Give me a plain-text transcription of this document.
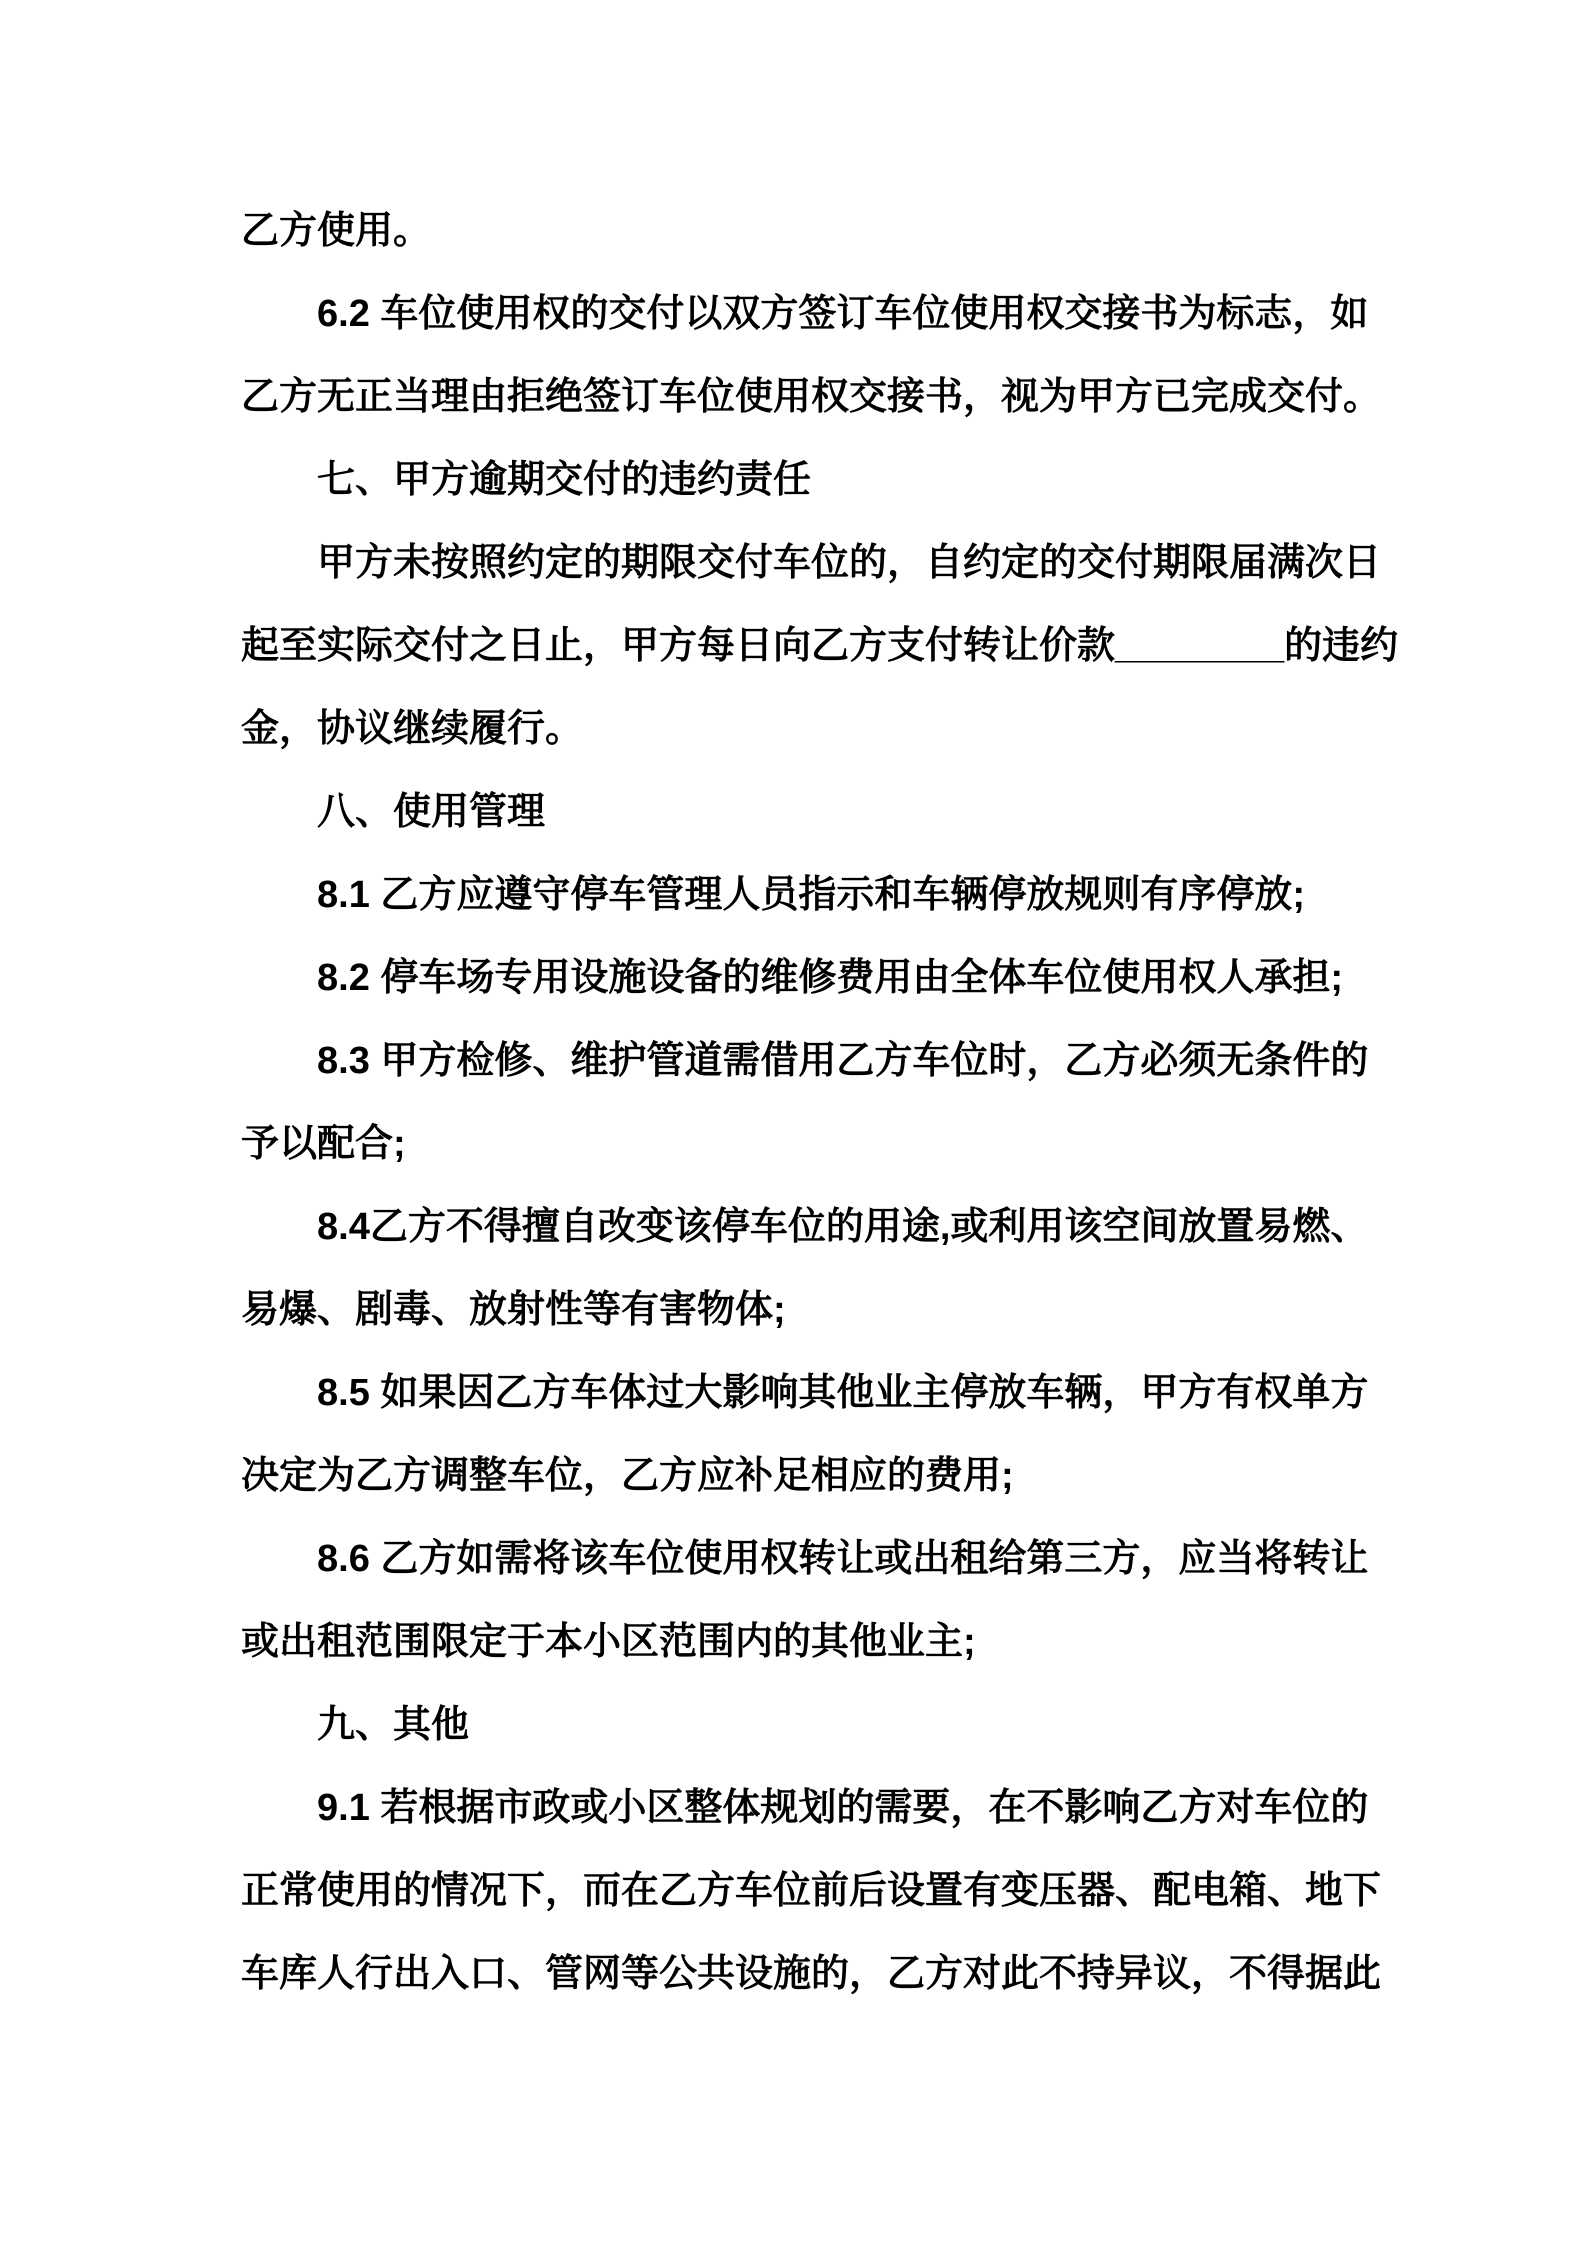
乙方使用。
6.2 车位使用权的交付以双方签订车位使用权交接书为标志，如
乙方无正当理由拒绝签订车位使用权交接书，视为甲方已完成交付。
七、甲方逾期交付的违约责任
甲方未按照约定的期限交付车位的，自约定的交付期限届满次日
起至实际交付之日止，甲方每日向乙方支付转让价款________的违约
金，协议继续履行。
八、使用管理
8.1 乙方应遵守停车管理人员指示和车辆停放规则有序停放;
8.2 停车场专用设施设备的维修费用由全体车位使用权人承担;
8.3 甲方检修、维护管道需借用乙方车位时，乙方必须无条件的
予以配合;
8.4乙方不得擅自改变该停车位的用途,或利用该空间放置易燃、
易爆、剧毒、放射性等有害物体;
8.5 如果因乙方车体过大影响其他业主停放车辆，甲方有权单方
决定为乙方调整车位，乙方应补足相应的费用;
8.6 乙方如需将该车位使用权转让或出租给第三方，应当将转让
或出租范围限定于本小区范围内的其他业主;
九、其他
9.1 若根据市政或小区整体规划的需要，在不影响乙方对车位的
正常使用的情况下，而在乙方车位前后设置有变压器、配电箱、地下
车库人行出入口、管网等公共设施的，乙方对此不持异议，不得据此
